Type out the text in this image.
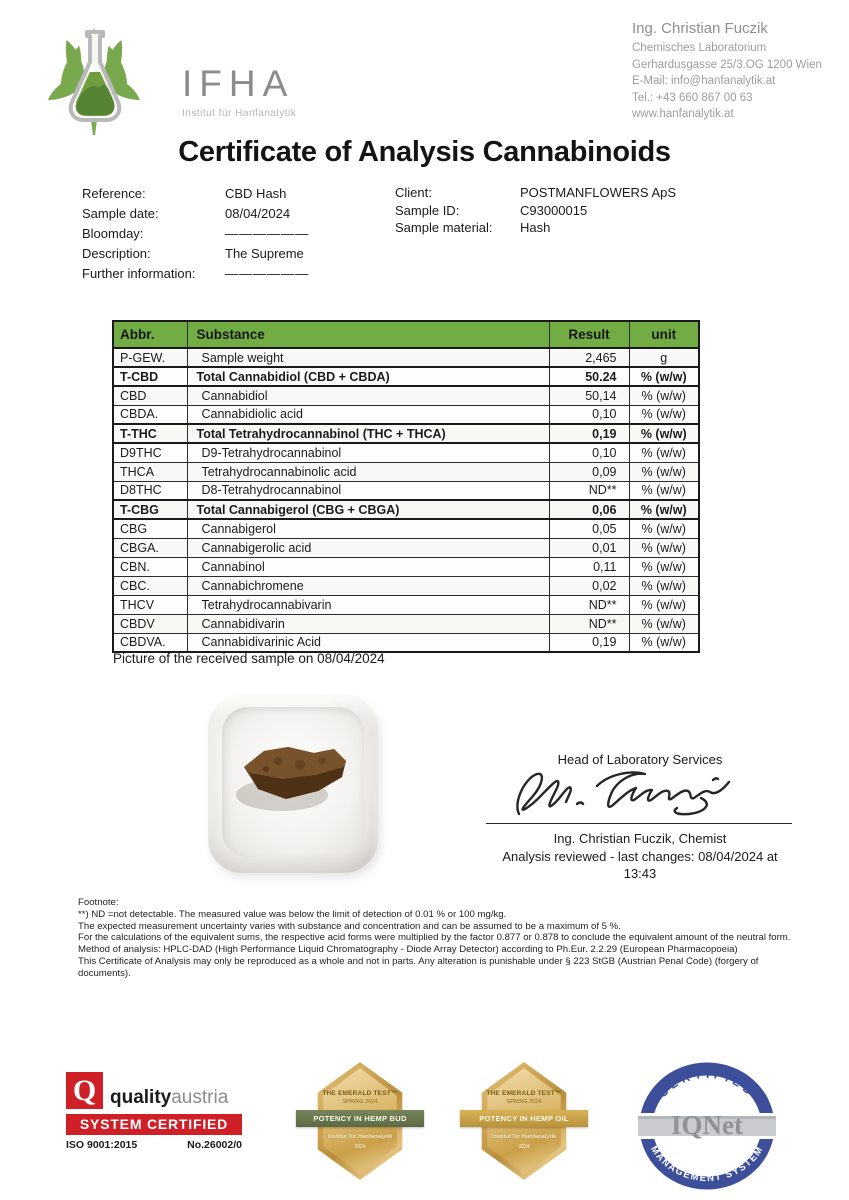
IFHA
Institut für Hanfanalytik
Ing. Christian Fuczik
Chemisches Laboratorium
Gerhardusgasse 25/3.OG 1200 Wien
E-Mail: info@hanfanalytik.at
Tel.: +43 660 867 00 63
www.hanfanalytik.at
Certificate of Analysis Cannabinoids
Reference:	CBD Hash
Sample date:	08/04/2024
Bloomday:	——————
Description:	The Supreme
Further information:	——————
Client:	POSTMANFLOWERS ApS
Sample ID:	C93000015
Sample material:	Hash
Abbr.	Substance	Result	unit
P-GEW.	Sample weight	2,465	g
T-CBD	Total Cannabidiol (CBD + CBDA)	50.24	% (w/w)
CBD	Cannabidiol	50,14	% (w/w)
CBDA.	Cannabidiolic acid	0,10	% (w/w)
T-THC	Total Tetrahydrocannabinol (THC + THCA)	0,19	% (w/w)
D9THC	D9-Tetrahydrocannabinol	0,10	% (w/w)
THCA	Tetrahydrocannabinolic acid	0,09	% (w/w)
D8THC	D8-Tetrahydrocannabinol	ND**	% (w/w)
T-CBG	Total Cannabigerol (CBG + CBGA)	0,06	% (w/w)
CBG	Cannabigerol	0,05	% (w/w)
CBGA.	Cannabigerolic acid	0,01	% (w/w)
CBN.	Cannabinol	0,11	% (w/w)
CBC.	Cannabichromene	0,02	% (w/w)
THCV	Tetrahydrocannabivarin	ND**	% (w/w)
CBDV	Cannabidivarin	ND**	% (w/w)
CBDVA.	Cannabidivarinic Acid	0,19	% (w/w)
Picture of the received sample on 08/04/2024
Head of Laboratory Services
Ing. Christian Fuczik, Chemist
Analysis reviewed - last changes: 08/04/2024 at
13:43
Footnote:
**) ND =not detectable. The measured value was below the limit of detection of 0.01 % or 100 mg/kg.
The expected measurement uncertainty varies with substance and concentration and can be assumed to be a maximum of 5 %.
For the calculations of the equivalent sums, the respective acid forms were multiplied by the factor 0.877 or 0.878 to conclude the equivalent amount of the neutral form.
Method of analysis: HPLC-DAD (High Performance Liquid Chromatography - Diode Array Detector) according to Ph.Eur. 2.2.29 (European Pharmacopoeia)
This Certificate of Analysis may only be reproduced as a whole and not in parts. Any alteration is punishable under § 223 StGB (Austrian Penal Code) (forgery of documents).
Q qualityaustria
SYSTEM CERTIFIED
ISO 9001:2015	No.26002/0
THE EMERALD TEST™
SPRING 2024
POTENCY IN HEMP BUD
Institut für Hanfanalytik
2024
THE EMERALD TEST™
SPRING 2024
POTENCY IN HEMP OIL
Institut für Hanfanalytik
2024
IQNet
CERTIFIED
MANAGEMENT SYSTEM
